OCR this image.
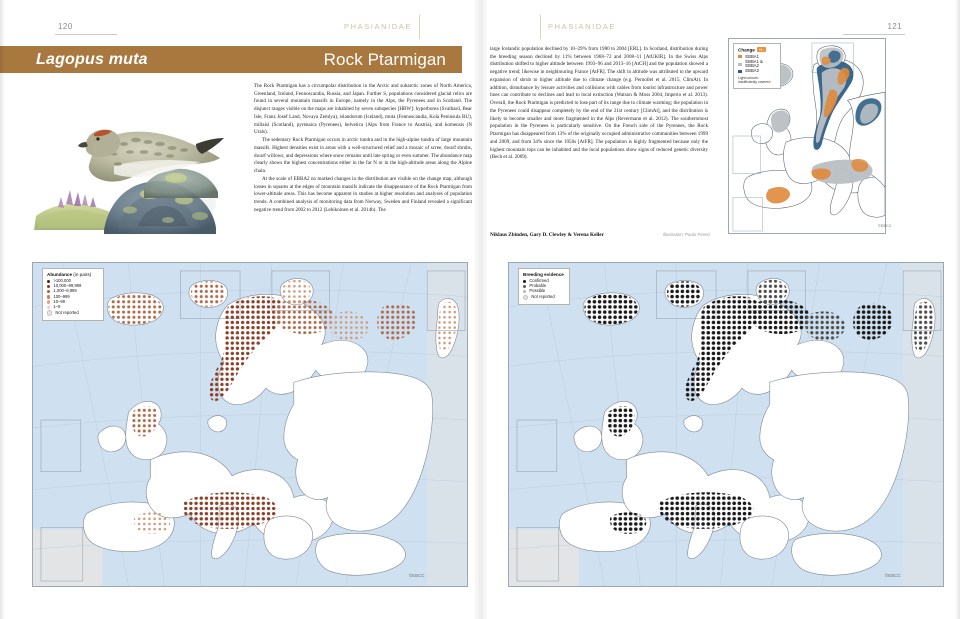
120	PHASIANIDAE
Lagopus muta	Rock Ptarmigan

The Rock Ptarmigan has a circumpolar distribution in the Arctic and subarctic zones of North America, Greenland, Iceland, Fennoscandia, Russia, and Japan. Further S, populations considered glacial relics are found in several mountain massifs in Europe, namely in the Alps, the Pyrenees and in Scotland. The disjunct ranges visible on the maps are inhabited by seven subspecies [HBW]: hyperborea (Svalbard, Bear Isle, Franz Josef Land, Novaya Zemlya), islandorum (Iceland), muta (Fennoscandia, Kola Peninsula RU), millaisi (Scotland), pyrenaica (Pyrenees), helvetica (Alps from France to Austria), and komensis (N Urals).

The sedentary Rock Ptarmigan occurs in arctic tundra and in the high-alpine tundra of large mountain massifs. Highest densities exist in areas with a well-structured relief and a mosaic of scree, dwarf shrubs, dwarf willows, and depressions where snow remains until late spring or even summer. The abundance map clearly shows the highest concentrations either in the far N or in the high-altitude areas along the Alpine chain.

At the scale of EBBA2 no marked changes in the distribution are visible on the change map, although losses in squares at the edges of mountain massifs indicate the disappearance of the Rock Ptarmigan from lower-altitude areas. This has become apparent in studies at higher resolution and analyses of population trends. A combined analysis of monitoring data from Norway, Sweden and Finland revealed a significant negative trend from 2002 to 2012 (Lehikoinen et al. 2014b). The

Abundance (in pairs)
>100,000
10,000–99,999
1,000–9,999
100–999
10–99
1–9
Not reported
©EBCC
121
PHASIANIDAE

large Icelandic population declined by 10–29% from 1980 to 2004 [ERL]. In Scotland, distribution during the breeding season declined by 11% between 1968–72 and 2008–11 [AtUKIR]. In the Swiss Alps distribution shifted to higher altitude between 1993–96 and 2013–16 [AtCH] and the population showed a negative trend; likewise in neighbouring France [AtFR]. The shift in altitude was attributed to the upward expansion of shrub to higher altitude due to climate change (e.g. Pernollet et al. 2015, ClimAt). In addition, disturbance by leisure activities and collisions with cables from tourist infrastructure and power lines can contribute to declines and lead to local extinction (Watson & Moss 2004, Imperio et al. 2013). Overall, the Rock Ptarmigan is predicted to lose part of its range due to climate warming; the population in the Pyrenees could disappear completely by the end of the 21st century [ClimAt], and the distribution is likely to become smaller and more fragmented in the Alps (Revermann et al. 2012). The southernmost population in the Pyrenees is particularly sensitive. On the French side of the Pyrenees, the Rock Ptarmigan has disappeared from 13% of the originally occupied administrative communities between 1999 and 2009, and from 34% since the 1950s [AtFR]. The population is highly fragmented because only the highest mountain tops can be inhabited and the local populations show signs of reduced genetic diversity (Bech et al. 2009).

Niklaus Zbinden, Gary D. Clewley & Verena Keller	Illustration: Paolo Peveri
Change +/-
EBBA1
EBBA1 & EBBA2
EBBA2
Light colours: insufficiently covered
©EBCC
Breeding evidence
Confirmed
Probable
Possible
Not reported
©EBCC
